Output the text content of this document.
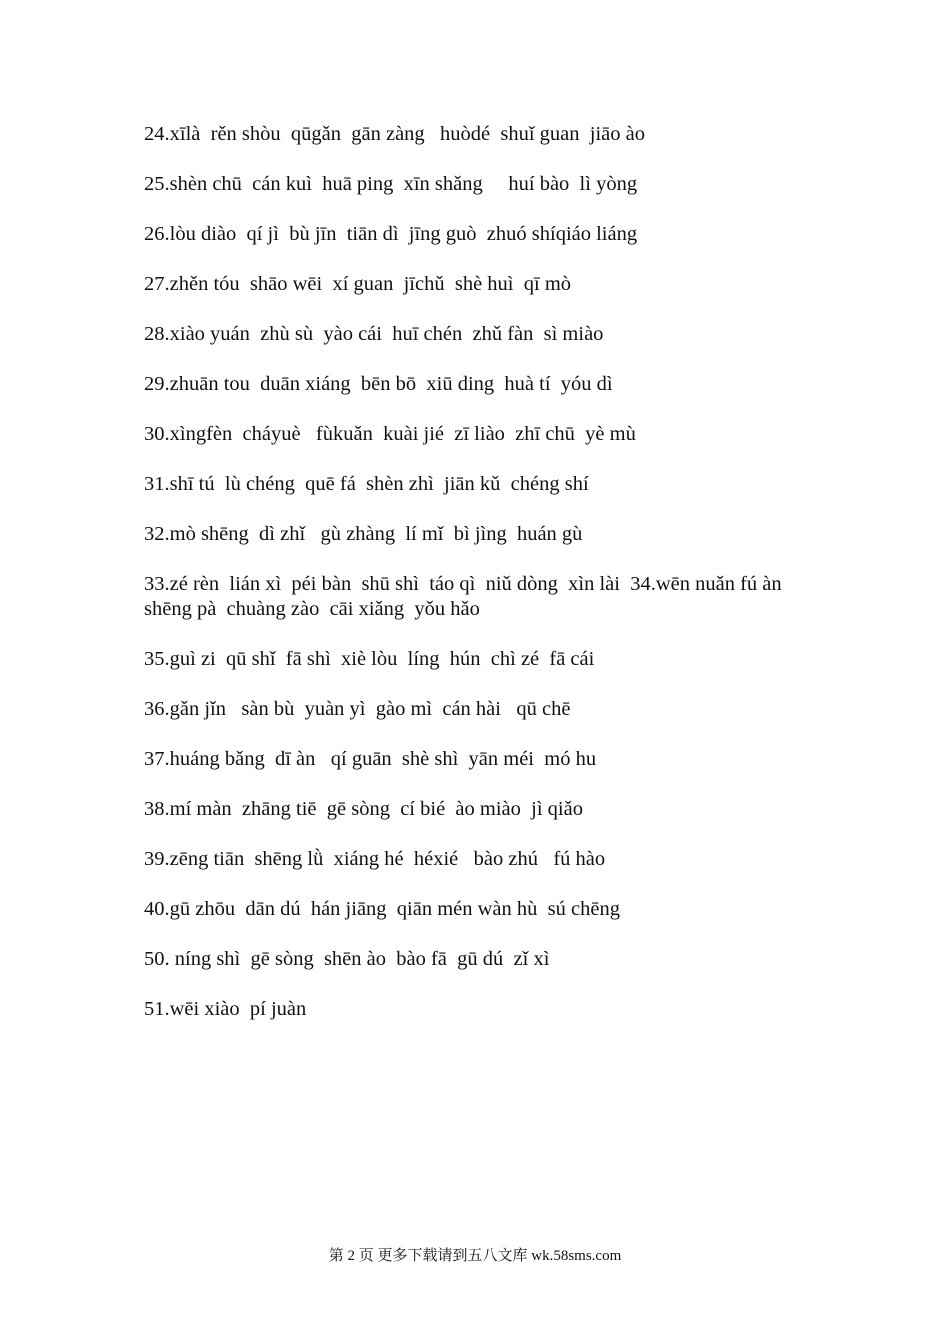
24.xīlà  rěn shòu  qūgǎn  gān zàng   huòdé  shuǐ guan  jiāo ào
25.shèn chū  cán kuì  huā ping  xīn shǎng     huí bào  lì yòng
26.lòu diào  qí jì  bù jīn  tiān dì  jīng guò  zhuó shíqiáo liáng
27.zhěn tóu  shāo wēi  xí guan  jīchǔ  shè huì  qī mò
28.xiào yuán  zhù sù  yào cái  huī chén  zhǔ fàn  sì miào
29.zhuān tou  duān xiáng  bēn bō  xiū ding  huà tí  yóu dì
30.xìngfèn  cháyuè   fùkuǎn  kuài jié  zī liào  zhī chū  yè mù
31.shī tú  lù chéng  quē fá  shèn zhì  jiān kǔ  chéng shí
32.mò shēng  dì zhǐ   gù zhàng  lí mǐ  bì jìng  huán gù
33.zé rèn  lián xì  péi bàn  shū shì  táo qì  niǔ dòng  xìn lài  34.wēn nuǎn fú àn  shēng pà  chuàng zào  cāi xiǎng  yǒu hǎo
35.guì zi  qū shǐ  fā shì  xiè lòu  líng  hún  chì zé  fā cái
36.gǎn jǐn   sàn bù  yuàn yì  gào mì  cán hài   qū chē
37.huáng bǎng  dī àn   qí guān  shè shì  yān méi  mó hu
38.mí màn  zhāng tiē  gē sòng  cí bié  ào miào  jì qiǎo
39.zēng tiān  shēng lǜ  xiáng hé  héxié   bào zhú   fú hào
40.gū zhōu  dān dú  hán jiāng  qiān mén wàn hù  sú chēng
50. níng shì  gē sòng  shēn ào  bào fā  gū dú  zǐ xì
51.wēi xiào  pí juàn
第 2 页 更多下载请到五八文库 wk.58sms.com
